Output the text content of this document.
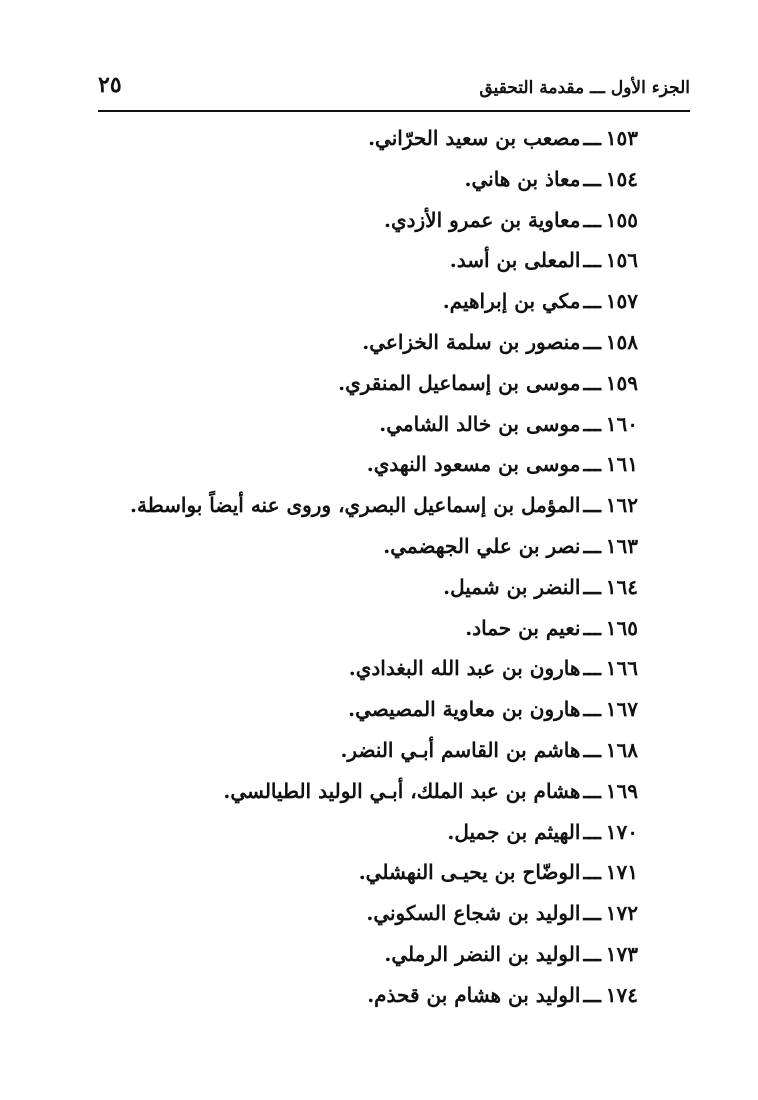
الجزء الأول ـــ مقدمة التحقيق
٢٥
١٥٣ـــمصعب بن سعيد الحرّاني.
١٥٤ـــمعاذ بن هاني.
١٥٥ـــمعاوية بن عمرو الأزدي.
١٥٦ـــالمعلى بن أسد.
١٥٧ـــمكي بن إبراهيم.
١٥٨ـــمنصور بن سلمة الخزاعي.
١٥٩ـــموسى بن إسماعيل المنقري.
١٦٠ـــموسى بن خالد الشامي.
١٦١ـــموسى بن مسعود النهدي.
١٦٢ـــالمؤمل بن إسماعيل البصري، وروى عنه أيضاً بواسطة.
١٦٣ـــنصر بن علي الجهضمي.
١٦٤ـــالنضر بن شميل.
١٦٥ـــنعيم بن حماد.
١٦٦ـــهارون بن عبد الله البغدادي.
١٦٧ـــهارون بن معاوية المصيصي.
١٦٨ـــهاشم بن القاسم أبـي النضر.
١٦٩ـــهشام بن عبد الملك، أبـي الوليد الطيالسي.
١٧٠ـــالهيثم بن جميل.
١٧١ـــالوضّاح بن يحيـى النهشلي.
١٧٢ـــالوليد بن شجاع السكوني.
١٧٣ـــالوليد بن النضر الرملي.
١٧٤ـــالوليد بن هشام بن قحذم.
